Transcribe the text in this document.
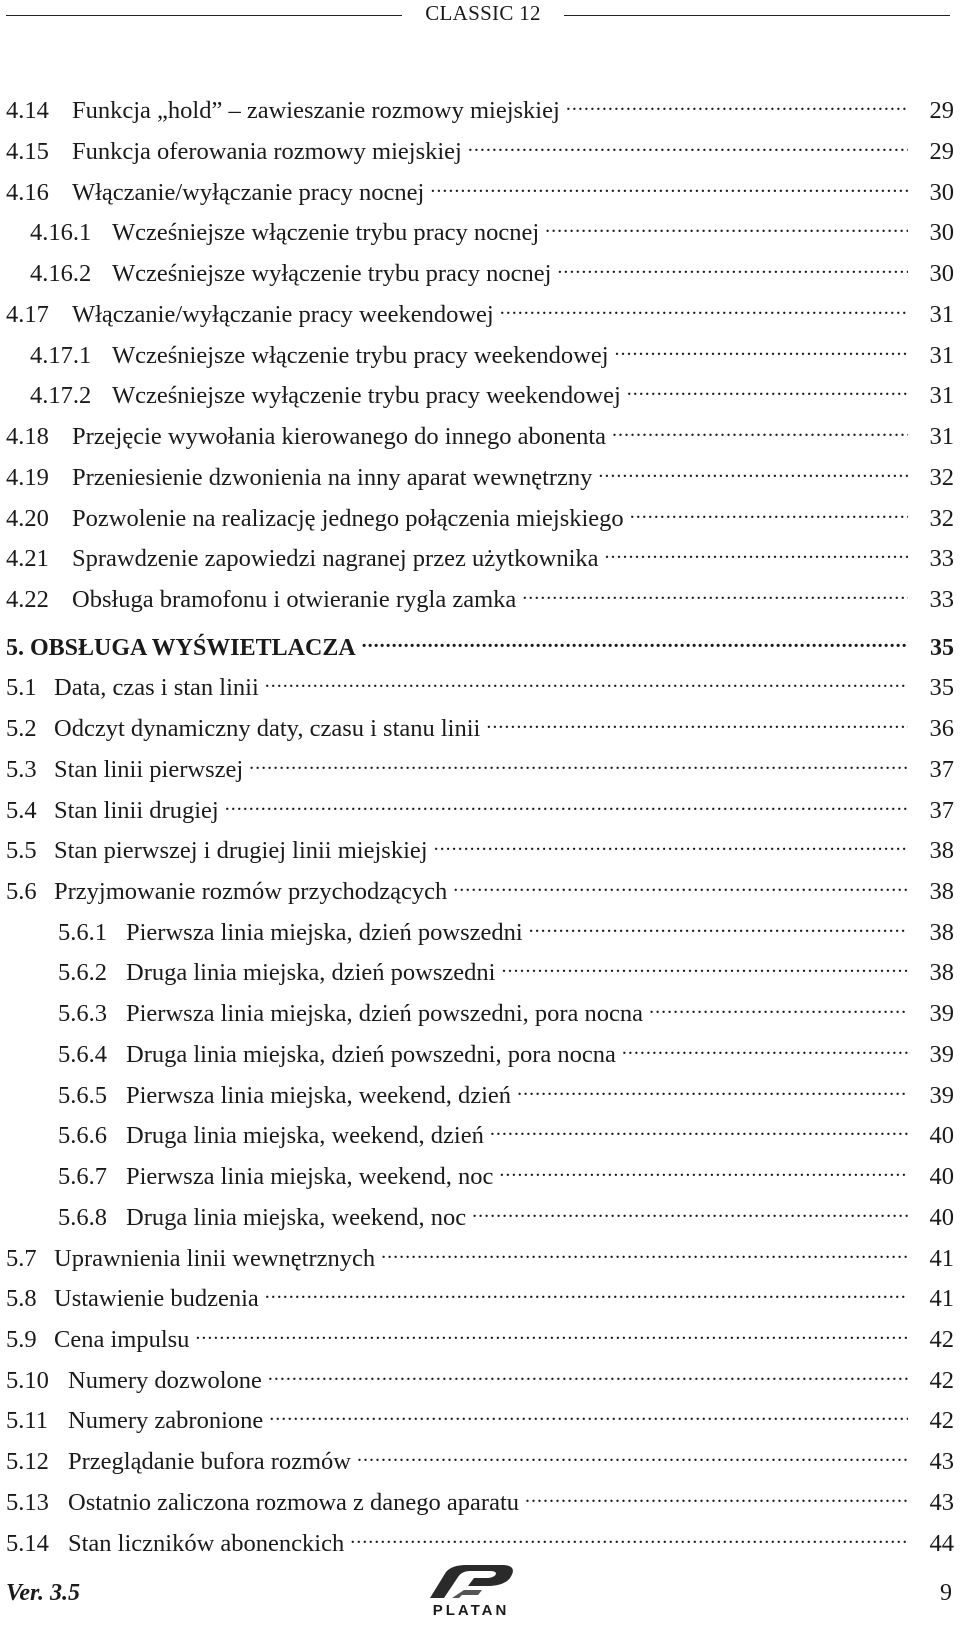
CLASSIC 12
4.14 Funkcja „hold” – zawieszanie rozmowy miejskiej .....	29
4.15 Funkcja oferowania rozmowy miejskiej .....	29
4.16 Włączanie/wyłączanie pracy nocnej .....	30
4.16.1 Wcześniejsze włączenie trybu pracy nocnej .....	30
4.16.2 Wcześniejsze wyłączenie trybu pracy nocnej .....	30
4.17 Włączanie/wyłączanie pracy weekendowej .....	31
4.17.1 Wcześniejsze włączenie trybu pracy weekendowej .....	31
4.17.2 Wcześniejsze wyłączenie trybu pracy weekendowej .....	31
4.18 Przejęcie wywołania kierowanego do innego abonenta .....	31
4.19 Przeniesienie dzwonienia na inny aparat wewnętrzny .....	32
4.20 Pozwolenie na realizację jednego połączenia miejskiego .....	32
4.21 Sprawdzenie zapowiedzi nagranej przez użytkownika .....	33
4.22 Obsługa bramofonu i otwieranie rygla zamka .....	33
5. OBSŁUGA WYŚWIETLACZA .....	35
5.1 Data, czas i stan linii .....	35
5.2 Odczyt dynamiczny daty, czasu i stanu linii .....	36
5.3 Stan linii pierwszej .....	37
5.4 Stan linii drugiej .....	37
5.5 Stan pierwszej i drugiej linii miejskiej .....	38
5.6 Przyjmowanie rozmów przychodzących .....	38
5.6.1 Pierwsza linia miejska, dzień powszedni .....	38
5.6.2 Druga linia miejska, dzień powszedni .....	38
5.6.3 Pierwsza linia miejska, dzień powszedni, pora nocna .....	39
5.6.4 Druga linia miejska, dzień powszedni, pora nocna .....	39
5.6.5 Pierwsza linia miejska, weekend, dzień .....	39
5.6.6 Druga linia miejska, weekend, dzień .....	40
5.6.7 Pierwsza linia miejska, weekend, noc .....	40
5.6.8 Druga linia miejska, weekend, noc .....	40
5.7 Uprawnienia linii wewnętrznych .....	41
5.8 Ustawienie budzenia .....	41
5.9 Cena impulsu .....	42
5.10 Numery dozwolone .....	42
5.11 Numery zabronione .....	42
5.12 Przeglądanie bufora rozmów .....	43
5.13 Ostatnio zaliczona rozmowa z danego aparatu .....	43
5.14 Stan liczników abonenckich .....	44
Ver. 3.5
PLATAN
9
